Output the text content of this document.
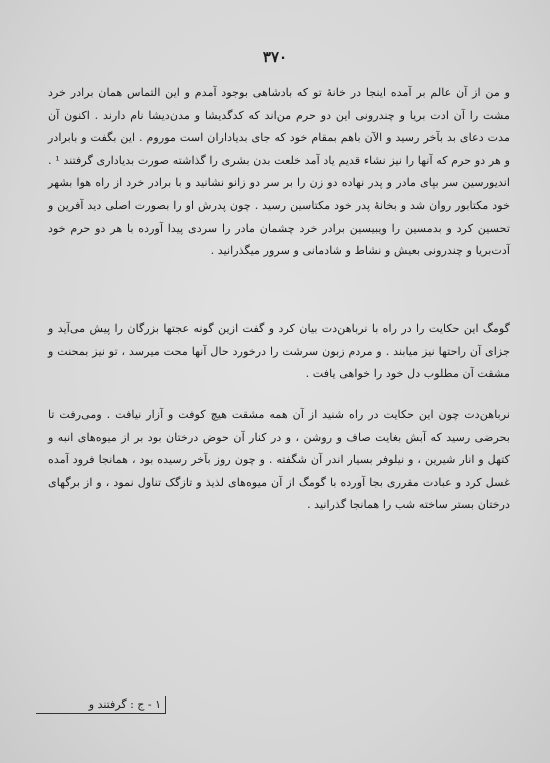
۳۷۰

و من از آن عالم بر آمده اینجا در خانهٔ تو که بادشاهی بوجود آمدم و این التماس همان برادر خرد مشت را آن ادت بریا و چندرونی این دو حرم من‌اند که کدگدیشا و مدن‌دیشا نام دارند . اکنون آن مدت دعای بد بآخر رسید و الآن باهم بمقام خود که جای بدیاداران است موروم . این بگفت و بابرادر و هر دو حرم که آنها را نیز نشاء قدیم یاد آمد خلعت بدن بشری را گذاشته صورت بدیاداری گرفتند ¹ . اندیورسین سر بپای مادر و پدر نهاده دو زن را بر سر دو زانو نشانید و با برادر خرد از راه هوا بشهر خود مکتابور روان شد و بخانهٔ پدر خود مکتاسین رسید . چون پدرش او را بصورت اصلی دید آفرین و تحسین کرد و بدمسین را ویبیسین برادر خرد چشمان مادر را سردی پیدا آورده با هر دو حرم خود آدت‌بریا و چندرونی بعیش و نشاط و شادمانی و سرور میگذرانید .

گومگ این حکایت را در راه با نرباهن‌دت بیان کرد و گفت ازین گونه عجتها بزرگان را پیش می‌آید و جزای آن راحتها نیز میابند . و مردم زبون سرشت را درخورد حال آنها محت میرسد ، تو نیز بمحنت و مشقت آن مطلوب دل خود را خواهی یافت .

نرباهن‌دت چون این حکایت در راه شنید از آن همه مشقت هیچ کوفت و آزار نیافت . ومی‌رفت تا بحرضی رسید که آبش بغایت صاف و روشن ، و در کنار آن حوض درختان بود بر از میوه‌های انبه و کتهل و انار شیرین ، و نیلوفر بسیار اندر آن شگفته . و چون روز بآخر رسیده بود ، همانجا فرود آمده غسل کرد و عبادت مقرری بجا آورده با گومگ از آن میوه‌های لذیذ و تازگک تناول نمود ، و از برگهای درختان بستر ساخته شب را همانجا گذرانید .

۱ - ج : گرفتند و
